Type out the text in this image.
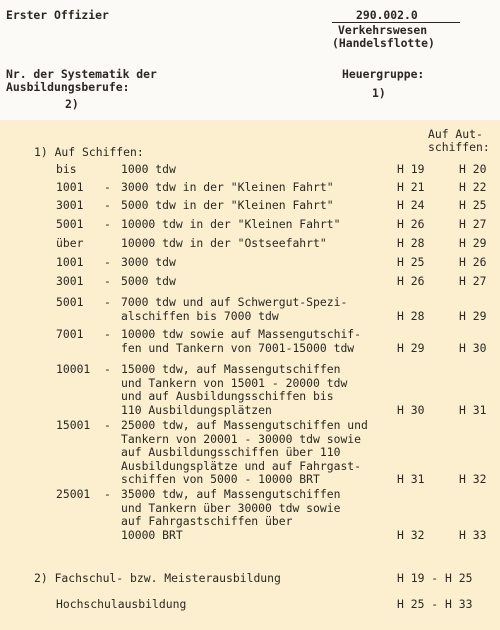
Erster Offizier	290.002.0
Verkehrswesen
(Handelsflotte)
Nr. der Systematik der
Ausbildungsberufe:
2)
Heuergruppe:
1)
Auf Aut-
schiffen:
1) Auf Schiffen:
bis	1000 tdw	H 19	H 20
1001 - 3000 tdw in der "Kleinen Fahrt"	H 21	H 22
3001 - 5000 tdw in der "Kleinen Fahrt"	H 24	H 25
5001 - 10000 tdw in der "Kleinen Fahrt"	H 26	H 27
über	10000 tdw in der "Ostseefahrt"	H 28	H 29
1001 - 3000 tdw	H 25	H 26
3001 - 5000 tdw	H 26	H 27
5001 - 7000 tdw und auf Schwergut-Spezi-
alschiffen bis 7000 tdw	H 28	H 29
7001 - 10000 tdw sowie auf Massengutschif-
fen und Tankern von 7001-15000 tdw	H 29	H 30
10001 - 15000 tdw, auf Massengutschiffen
und Tankern von 15001 - 20000 tdw
und auf Ausbildungsschiffen bis
110 Ausbildungsplätzen	H 30	H 31
15001 - 25000 tdw, auf Massengutschiffen und
Tankern von 20001 - 30000 tdw sowie
auf Ausbildungsschiffen über 110
Ausbildungsplätze und auf Fahrgast-
schiffen von 5000 - 10000 BRT	H 31	H 32
25001 - 35000 tdw, auf Massengutschiffen
und Tankern über 30000 tdw sowie
auf Fahrgastschiffen über
10000 BRT	H 32	H 33
2) Fachschul- bzw. Meisterausbildung	H 19 - H 25
Hochschulausbildung	H 25 - H 33
